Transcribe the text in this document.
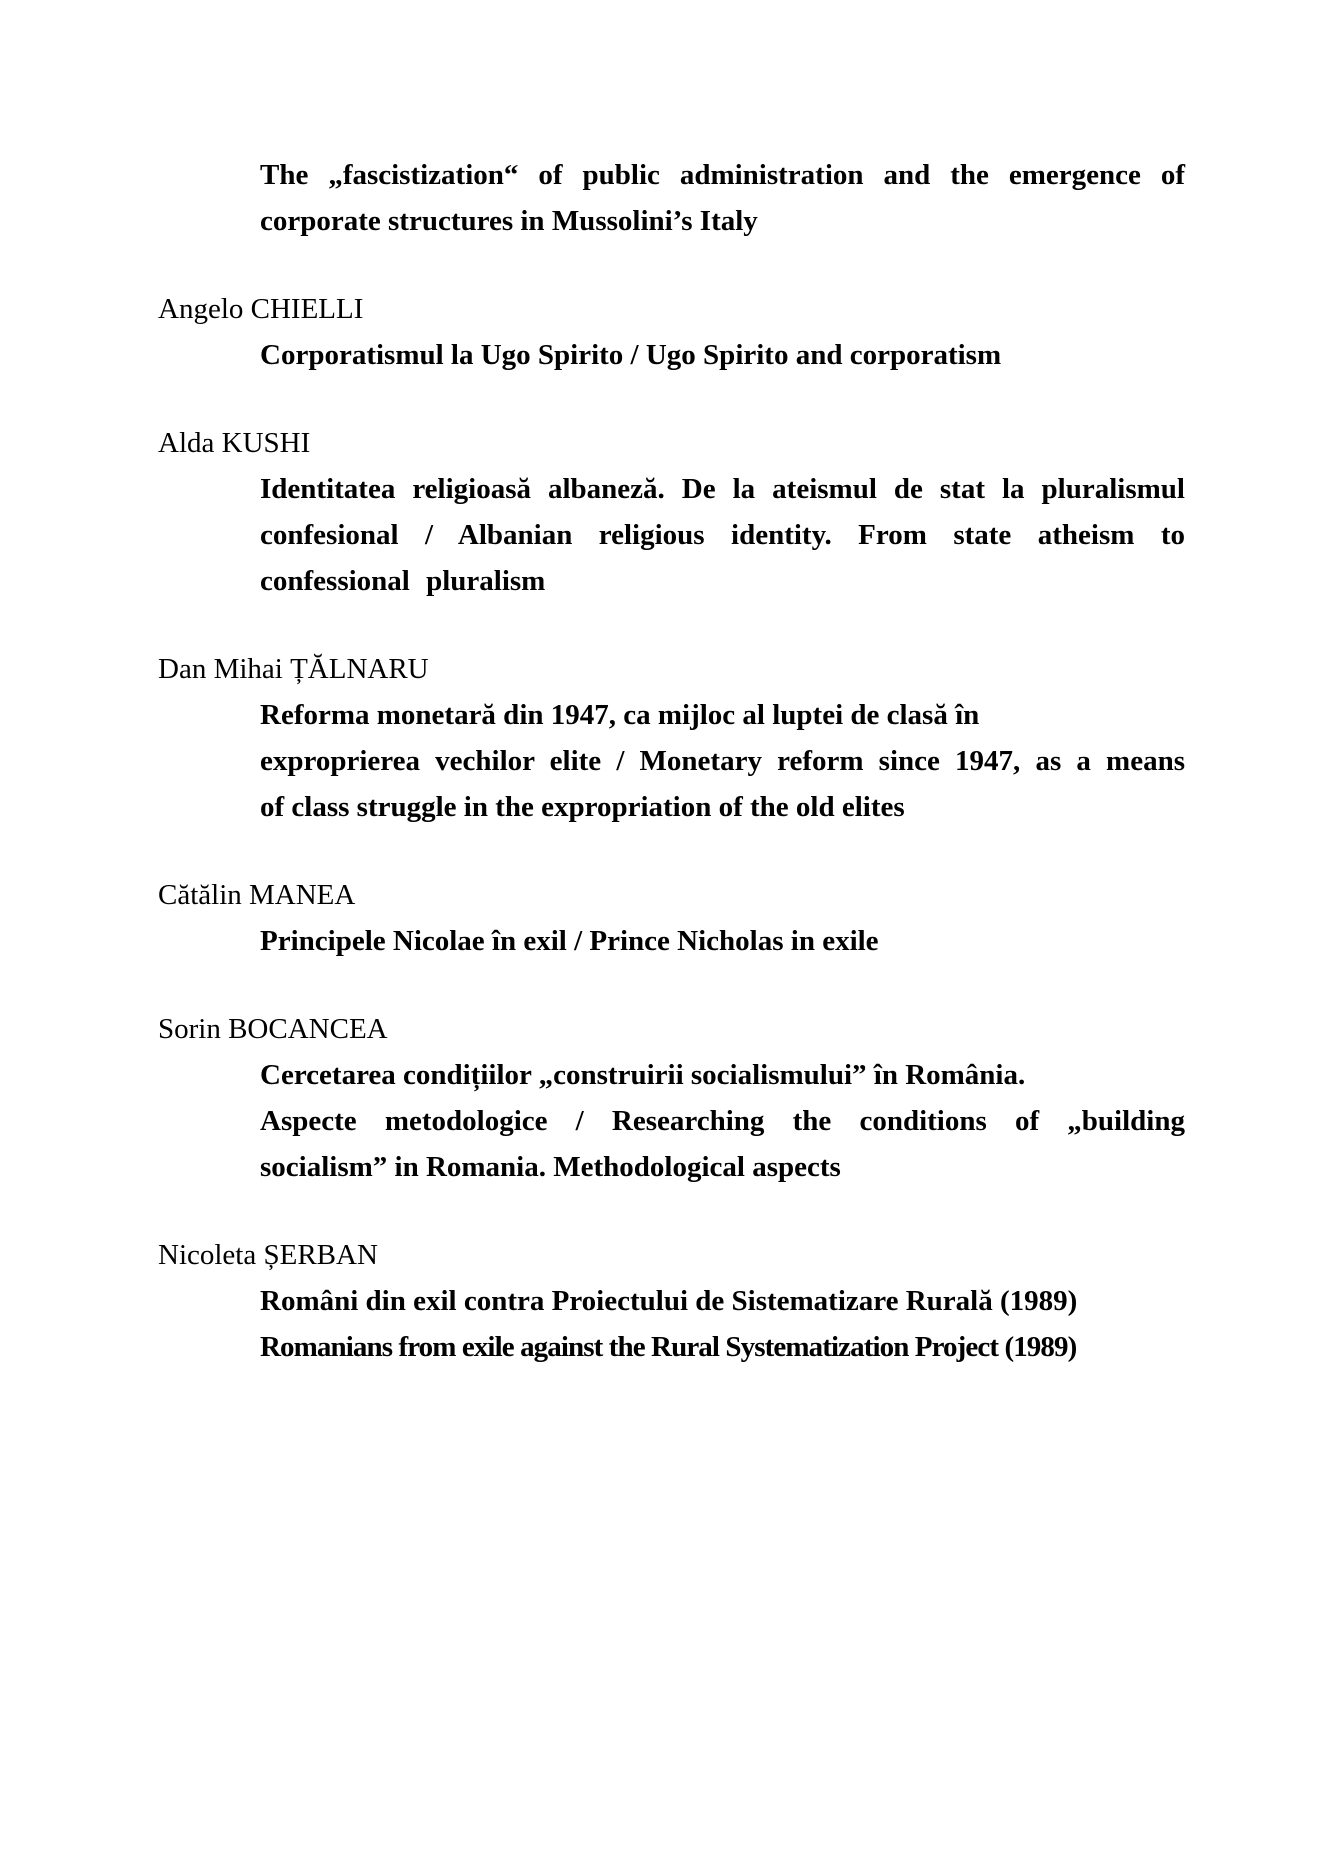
The „fascistization“ of public administration and the emergence of
corporate structures in Mussolini’s Italy
Angelo CHIELLI
Corporatismul la Ugo Spirito / Ugo Spirito and corporatism
Alda KUSHI
Identitatea religioasă albaneză. De la ateismul de stat la pluralismul
confesional / Albanian religious identity. From state atheism to
confessional pluralism
Dan Mihai ȚĂLNARU
Reforma monetară din 1947, ca mijloc al luptei de clasă în
exproprierea vechilor elite / Monetary reform since 1947, as a means
of class struggle in the expropriation of the old elites
Cătălin MANEA
Principele Nicolae în exil / Prince Nicholas in exile
Sorin BOCANCEA
Cercetarea condițiilor „construirii socialismului” în România.
Aspecte metodologice / Researching the conditions of „building
socialism” in Romania. Methodological aspects
Nicoleta ȘERBAN
Români din exil contra Proiectului de Sistematizare Rurală (1989)
Romanians from exile against the Rural Systematization Project (1989)
